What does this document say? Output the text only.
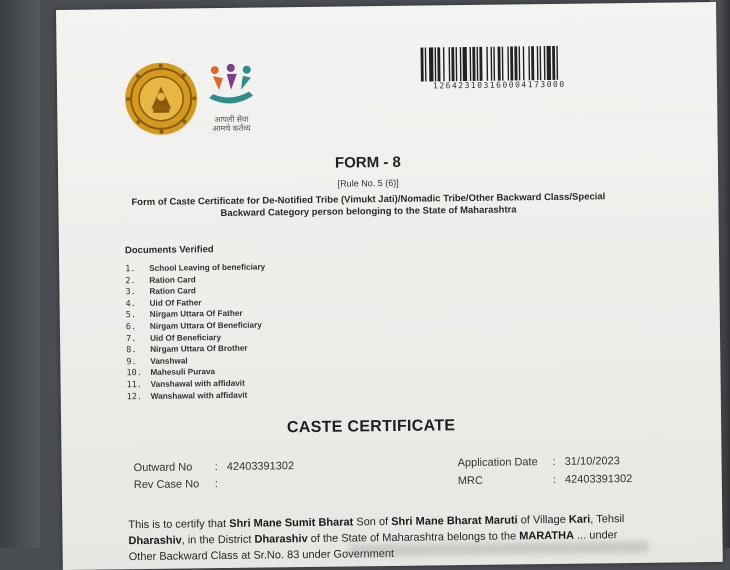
आपली सेवा
आमचे कर्तव्य
126423103160004173000
FORM - 8
[Rule No. 5 (6)]
Form of Caste Certificate for De-Notified Tribe (Vimukt Jati)/Nomadic Tribe/Other Backward Class/Special Backward Category person belonging to the State of Maharashtra
Documents Verified
1. School Leaving of beneficiary
2. Ration Card
3. Ration Card
4. Uid Of Father
5. Nirgam Uttara Of Father
6. Nirgam Uttara Of Beneficiary
7. Uid Of Beneficiary
8. Nirgam Uttara Of Brother
9. Vanshwal
10. Mahesuli Purava
11. Vanshawal with affidavit
12. Wanshawal with affidavit
CASTE CERTIFICATE
Outward No : 42403391302
Rev Case No :
Application Date : 31/10/2023
MRC	: 42403391302
This is to certify that Shri Mane Sumit Bharat Son of Shri Mane Bharat Maruti of Village Kari, Tehsil Dharashiv, in the District Dharashiv of the State of Maharashtra belongs to the MARATHA ... under Other Backward Class at Sr.No. 83 under Government
